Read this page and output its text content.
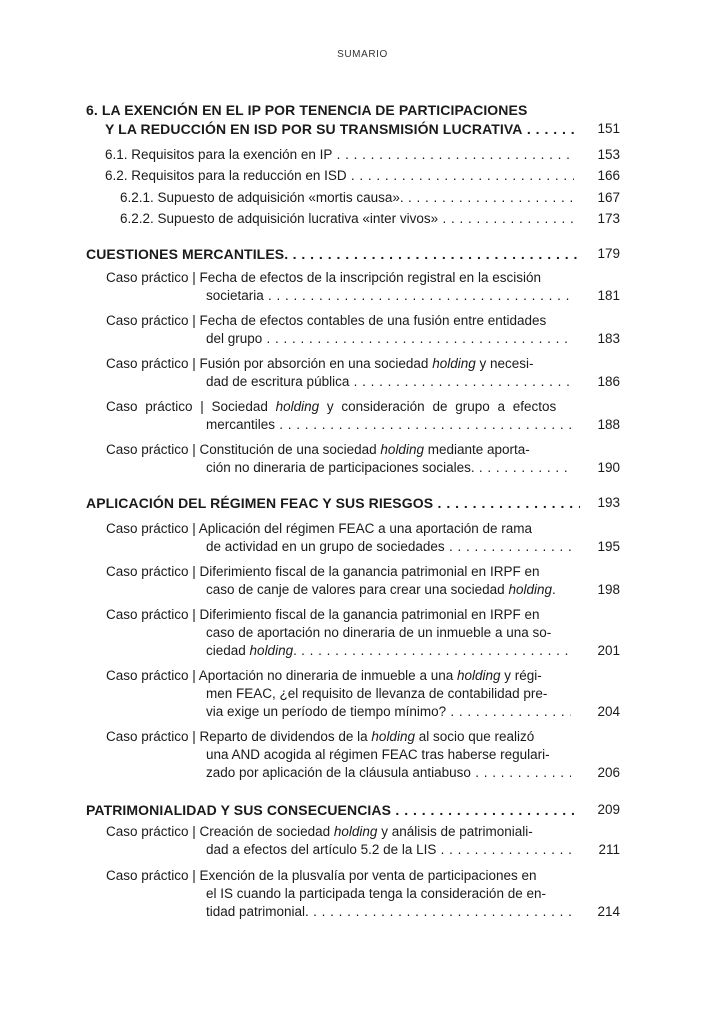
SUMARIO
6. LA EXENCIÓN EN EL IP POR TENENCIA DE PARTICIPACIONES
Y LA REDUCCIÓN EN ISD POR SU TRANSMISIÓN LUCRATIVA . . .	151
6.1. Requisitos para la exención en IP . . .	153
6.2. Requisitos para la reducción en ISD . . .	166
6.2.1. Supuesto de adquisición «mortis causa». . . .	167
6.2.2. Supuesto de adquisición lucrativa «inter vivos» . . .	173
CUESTIONES MERCANTILES. . . .	179
Caso práctico | Fecha de efectos de la inscripción registral en la escisión
societaria . . .	181
Caso práctico | Fecha de efectos contables de una fusión entre entidades
del grupo . . .	183
Caso práctico | Fusión por absorción en una sociedad holding y necesi-
dad de escritura pública . . .	186
Caso práctico | Sociedad holding y consideración de grupo a efectos
mercantiles . . .	188
Caso práctico | Constitución de una sociedad holding mediante aporta-
ción no dineraria de participaciones sociales. . . .	190
APLICACIÓN DEL RÉGIMEN FEAC Y SUS RIESGOS . . .	193
Caso práctico | Aplicación del régimen FEAC a una aportación de rama
de actividad en un grupo de sociedades . . .	195
Caso práctico | Diferimiento fiscal de la ganancia patrimonial en IRPF en
caso de canje de valores para crear una sociedad holding.	198
Caso práctico | Diferimiento fiscal de la ganancia patrimonial en IRPF en
caso de aportación no dineraria de un inmueble a una so-
ciedad holding. . . .	201
Caso práctico | Aportación no dineraria de inmueble a una holding y régi-
men FEAC, ¿el requisito de llevanza de contabilidad pre-
via exige un período de tiempo mínimo? . . .	204
Caso práctico | Reparto de dividendos de la holding al socio que realizó
una AND acogida al régimen FEAC tras haberse regulari-
zado por aplicación de la cláusula antiabuso . . .	206
PATRIMONIALIDAD Y SUS CONSECUENCIAS . . .	209
Caso práctico | Creación de sociedad holding y análisis de patrimoniali-
dad a efectos del artículo 5.2 de la LIS . . .	211
Caso práctico | Exención de la plusvalía por venta de participaciones en
el IS cuando la participada tenga la consideración de en-
tidad patrimonial. . . .	214
